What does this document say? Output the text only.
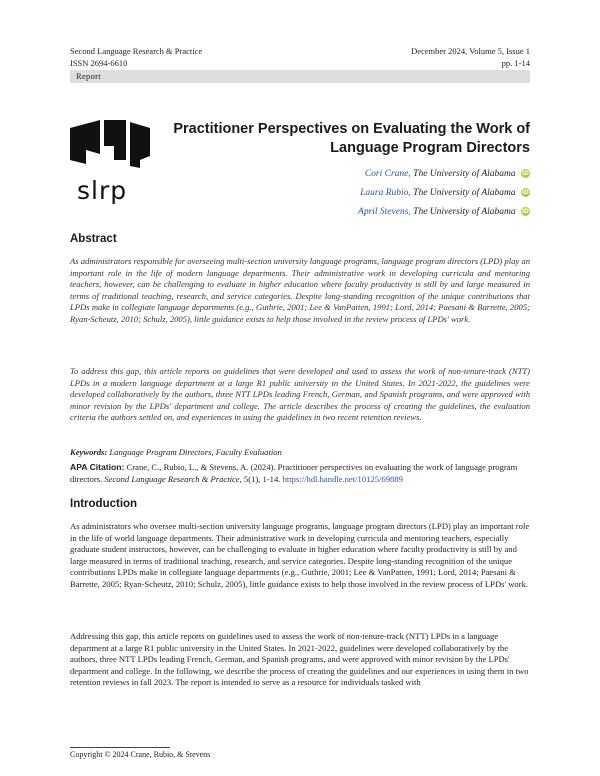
Second Language Research & Practice
ISSN 2694-6610
December 2024, Volume 5, Issue 1
pp. 1-14
Report
slrp
Practitioner Perspectives on Evaluating the Work of Language Program Directors
Cori Crane, The University of Alabama iD
Laura Rubio, The University of Alabama iD
April Stevens, The University of Alabama iD
Abstract
As administrators responsible for overseeing multi-section university language programs, language program directors (LPD) play an important role in the life of modern language departments. Their administrative work in developing curricula and mentoring teachers, however, can be challenging to evaluate in higher education where faculty productivity is still by and large measured in terms of traditional teaching, research, and service categories. Despite long-standing recognition of the unique contributions that LPDs make in collegiate language departments (e.g., Guthrie, 2001; Lee & VanPatten, 1991; Lord, 2014; Paesani & Barrette, 2005; Ryan-Scheutz, 2010; Schulz, 2005), little guidance exists to help those involved in the review process of LPDs' work.
To address this gap, this article reports on guidelines that were developed and used to assess the work of non-tenure-track (NTT) LPDs in a modern language department at a large R1 public university in the United States. In 2021-2022, the guidelines were developed collaboratively by the authors, three NTT LPDs leading French, German, and Spanish programs, and were approved with minor revision by the LPDs' department and college. The article describes the process of creating the guidelines, the evaluation criteria the authors settled on, and experiences in using the guidelines in two recent retention reviews.
Keywords: Language Program Directors, Faculty Evaluation
APA Citation: Crane, C., Rubio, L., & Stevens, A. (2024). Practitioner perspectives on evaluating the work of language program directors. Second Language Research & Practice, 5(1), 1-14. https://hdl.handle.net/10125/69889
Introduction
As administrators who oversee multi-section university language programs, language program directors (LPD) play an important role in the life of world language departments. Their administrative work in developing curricula and mentoring teachers, especially graduate student instructors, however, can be challenging to evaluate in higher education where faculty productivity is still by and large measured in terms of traditional teaching, research, and service categories. Despite long-standing recognition of the unique contributions LPDs make in collegiate language departments (e.g., Guthrie, 2001; Lee & VanPatten, 1991; Lord, 2014; Paesani & Barrette, 2005; Ryan-Scheutz, 2010; Schulz, 2005), little guidance exists to help those involved in the review process of LPDs' work.
Addressing this gap, this article reports on guidelines used to assess the work of non-tenure-track (NTT) LPDs in a language department at a large R1 public university in the United States. In 2021-2022, guidelines were developed collaboratively by the authors, three NTT LPDs leading French, German, and Spanish programs, and were approved with minor revision by the LPDs' department and college. In the following, we describe the process of creating the guidelines and our experiences in using them in two retention reviews in fall 2023. The report is intended to serve as a resource for individuals tasked with
Copyright © 2024 Crane, Rubio, & Stevens
